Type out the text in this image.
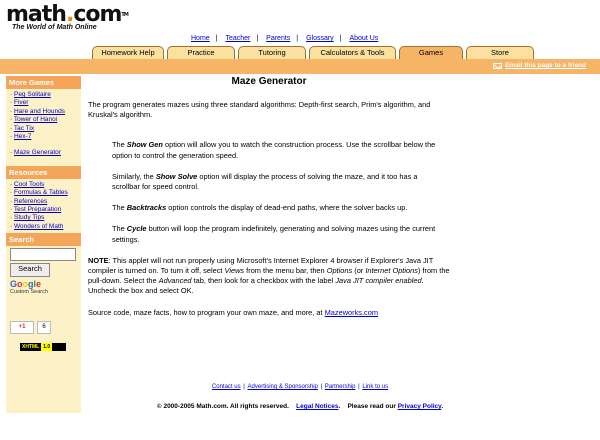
math.com™
The World of Math Online
Home | Teacher | Parents | Glossary | About Us
Homework Help	Practice	Tutoring	Calculators & Tools	Games	Store
Email this page to a friend
More Games
· Peg Solitaire
· Fiver
· Hare and Hounds
· Tower of Hanoi
· Tac Tix
· Hex-7
· Maze Generator
Resources
· Cool Tools
· Formulas & Tables
· References
· Test Preparation
· Study Tips
· Wonders of Math
Search
Search
Google
Custom Search
+1	6
XHTML 1.0
Maze Generator

The program generates mazes using three standard algorithms: Depth-first search, Prim's algorithm, and Kruskal's algorithm.

The Show Gen option will allow you to watch the construction process. Use the scrollbar below the option to control the generation speed.

Similarly, the Show Solve option will display the process of solving the maze, and it too has a scrollbar for speed control.

The Backtracks option controls the display of dead-end paths, where the solver backs up.

The Cycle button will loop the program indefinitely, generating and solving mazes using the current settings.

NOTE: This applet will not run properly using Microsoft's Internet Explorer 4 browser if Explorer's Java JIT compiler is turned on. To turn it off, select Views from the menu bar, then Options (or Internet Options) from the pull-down. Select the Advanced tab, then look for a checkbox with the label Java JIT compiler enabled. Uncheck the box and select OK.

Source code, maze facts, how to program your own maze, and more, at Mazeworks.com

Contact us | Advertising & Sponsorship | Partnership | Link to us
© 2000-2005 Math.com. All rights reserved. Legal Notices.    Please read our Privacy Policy.
